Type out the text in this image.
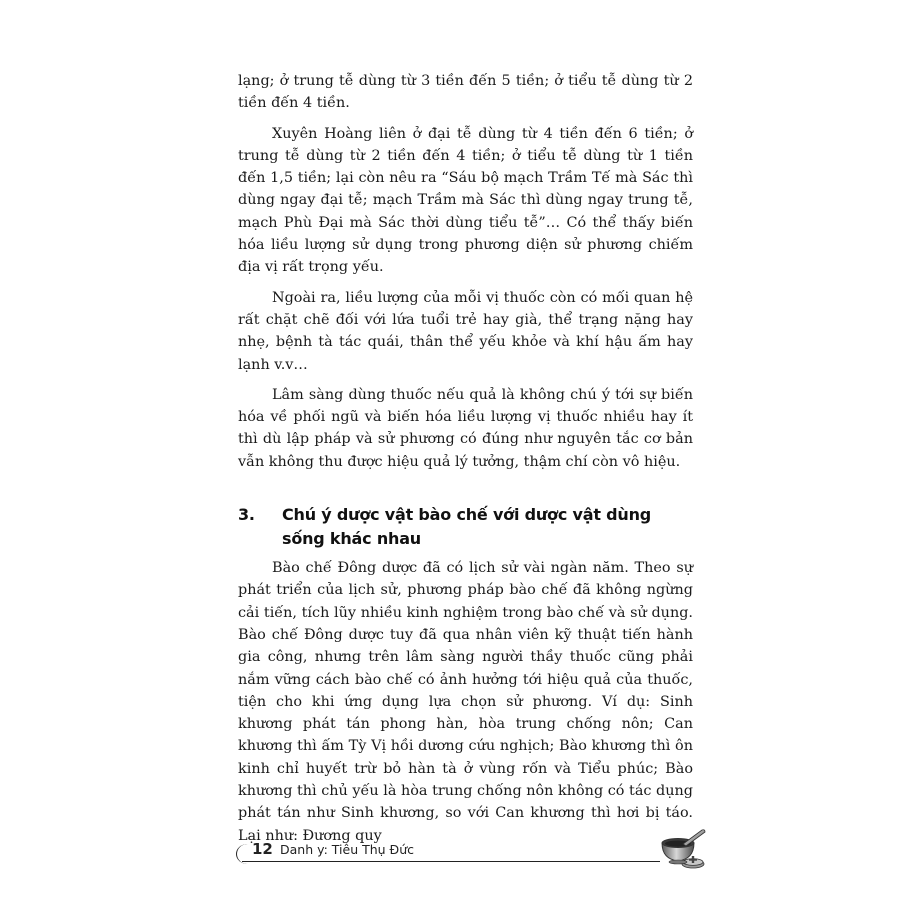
lạng; ở trung tễ dùng từ 3 tiền đến 5 tiền; ở tiểu tễ dùng từ 2 tiền đến 4 tiền.

Xuyên Hoàng liên ở đại tễ dùng từ 4 tiền đến 6 tiền; ở trung tễ dùng từ 2 tiền đến 4 tiền; ở tiểu tễ dùng từ 1 tiền đến 1,5 tiền; lại còn nêu ra “Sáu bộ mạch Trầm Tế mà Sác thì dùng ngay đại tễ; mạch Trầm mà Sác thì dùng ngay trung tễ, mạch Phù Đại mà Sác thời dùng tiểu tễ”… Có thể thấy biến hóa liều lượng sử dụng trong phương diện sử phương chiếm địa vị rất trọng yếu.

Ngoài ra, liều lượng của mỗi vị thuốc còn có mối quan hệ rất chặt chẽ đối với lứa tuổi trẻ hay già, thể trạng nặng hay nhẹ, bệnh tà tác quái, thân thể yếu khỏe và khí hậu ấm hay lạnh v.v…

Lâm sàng dùng thuốc nếu quả là không chú ý tới sự biến hóa về phối ngũ và biến hóa liều lượng vị thuốc nhiều hay ít thì dù lập pháp và sử phương có đúng như nguyên tắc cơ bản vẫn không thu được hiệu quả lý tưởng, thậm chí còn vô hiệu.

3.	Chú ý dược vật bào chế với dược vật dùng sống khác nhau

Bào chế Đông dược đã có lịch sử vài ngàn năm. Theo sự phát triển của lịch sử, phương pháp bào chế đã không ngừng cải tiến, tích lũy nhiều kinh nghiệm trong bào chế và sử dụng. Bào chế Đông dược tuy đã qua nhân viên kỹ thuật tiến hành gia công, nhưng trên lâm sàng người thầy thuốc cũng phải nắm vững cách bào chế có ảnh hưởng tới hiệu quả của thuốc, tiện cho khi ứng dụng lựa chọn sử phương. Ví dụ: Sinh khương phát tán phong hàn, hòa trung chống nôn; Can khương thì ấm Tỳ Vị hồi dương cứu nghịch; Bào khương thì ôn kinh chỉ huyết trừ bỏ hàn tà ở vùng rốn và Tiểu phúc; Bào khương thì chủ yếu là hòa trung chống nôn không có tác dụng phát tán như Sinh khương, so với Can khương thì hơi bị táo. Lại như: Đương quy

12 Danh y: Tiêu Thụ Đức
